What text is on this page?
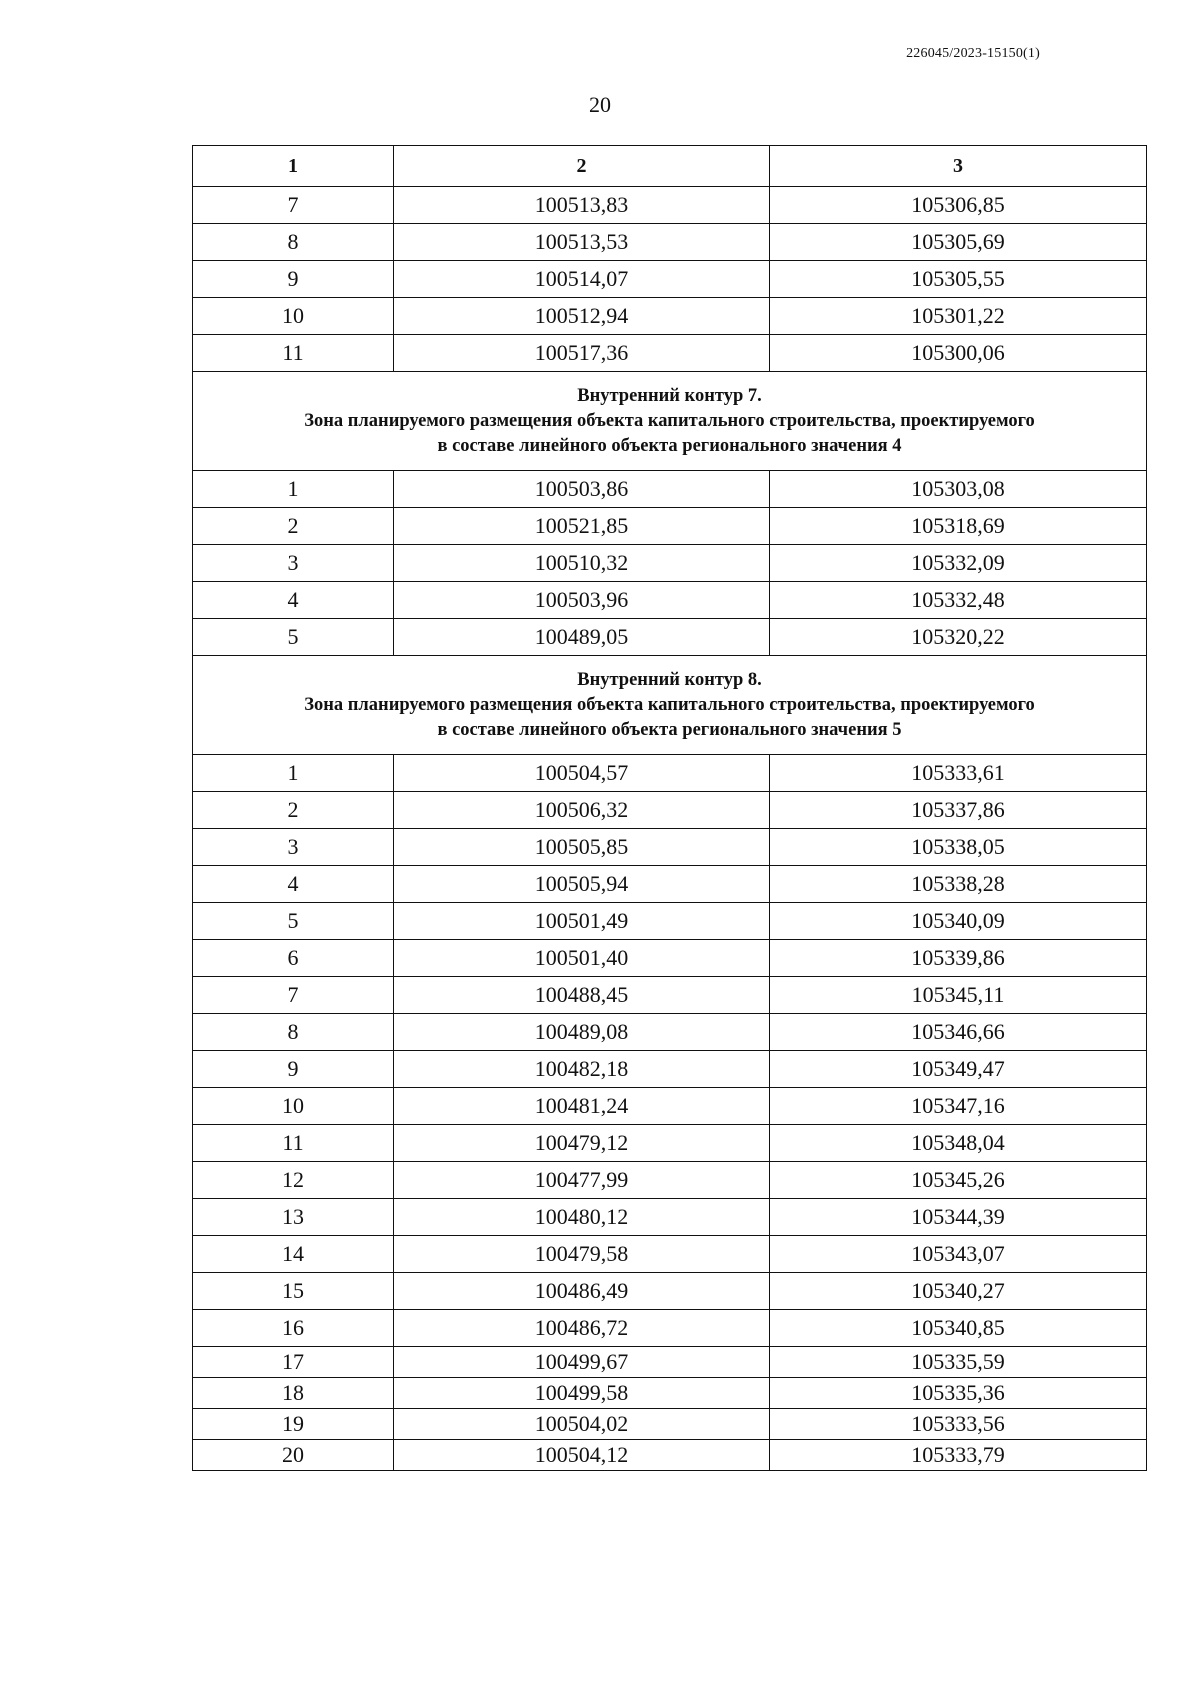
226045/2023-15150(1)
20
1	2	3
7	100513,83	105306,85
8	100513,53	105305,69
9	100514,07	105305,55
10	100512,94	105301,22
11	100517,36	105300,06

Внутренний контур 7.
Зона планируемого размещения объекта капитального строительства, проектируемого
в составе линейного объекта регионального значения 4		

1	100503,86	105303,08
2	100521,85	105318,69
3	100510,32	105332,09
4	100503,96	105332,48
5	100489,05	105320,22

Внутренний контур 8.
Зона планируемого размещения объекта капитального строительства, проектируемого
в составе линейного объекта регионального значения 5		

1	100504,57	105333,61
2	100506,32	105337,86
3	100505,85	105338,05
4	100505,94	105338,28
5	100501,49	105340,09
6	100501,40	105339,86
7	100488,45	105345,11
8	100489,08	105346,66
9	100482,18	105349,47
10	100481,24	105347,16
11	100479,12	105348,04
12	100477,99	105345,26
13	100480,12	105344,39
14	100479,58	105343,07
15	100486,49	105340,27
16	100486,72	105340,85
17	100499,67	105335,59
18	100499,58	105335,36
19	100504,02	105333,56
20	100504,12	105333,79
